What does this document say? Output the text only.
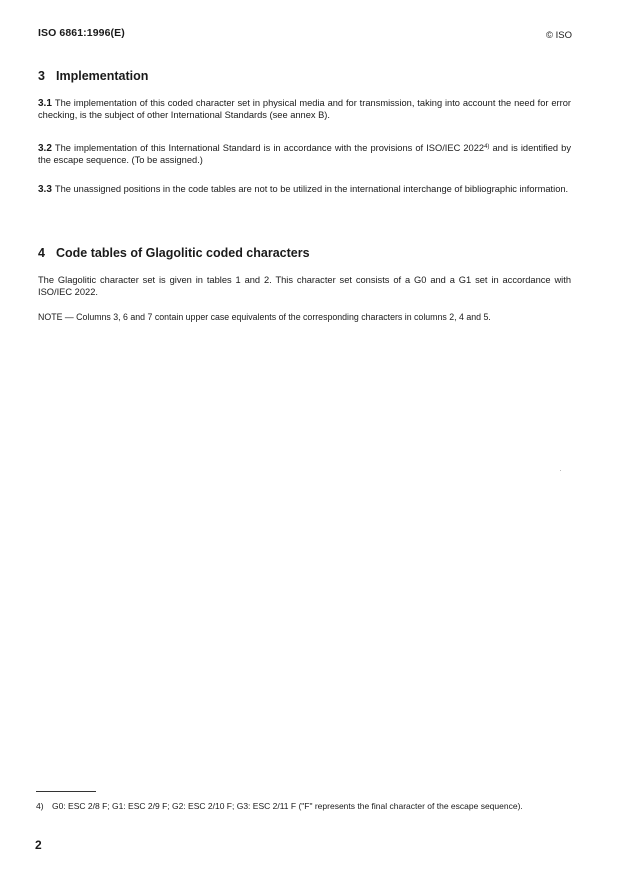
ISO 6861:1996(E)	© ISO
3 Implementation
3.1 The implementation of this coded character set in physical media and for transmission, taking into account the need for error checking, is the subject of other International Standards (see annex B).
3.2 The implementation of this International Standard is in accordance with the provisions of ISO/IEC 2022$^{4)}$ and is identified by the escape sequence. (To be assigned.)
3.3 The unassigned positions in the code tables are not to be utilized in the international interchange of bibliographic information.
4 Code tables of Glagolitic coded characters
The Glagolitic character set is given in tables 1 and 2. This character set consists of a G0 and a G1 set in accordance with ISO/IEC 2022.
NOTE — Columns 3, 6 and 7 contain upper case equivalents of the corresponding characters in columns 2, 4 and 5.
4) G0: ESC 2/8 F; G1: ESC 2/9 F; G2: ESC 2/10 F; G3: ESC 2/11 F ("F" represents the final character of the escape sequence).
2
